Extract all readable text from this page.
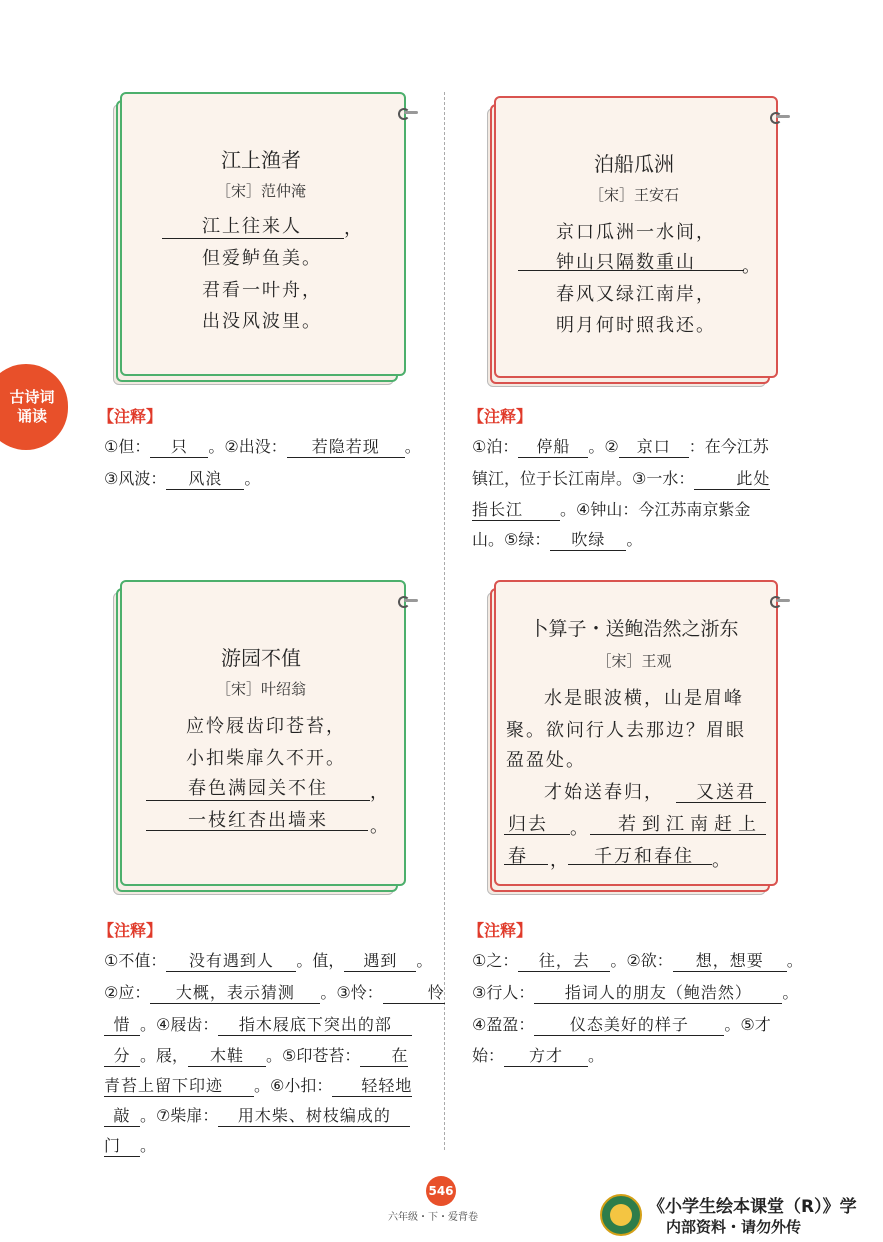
古诗词
诵读
江上渔者
［宋］范仲淹
江上往来人 ，
但爱鲈鱼美。
君看一叶舟，
出没风波里。
泊船瓜洲
［宋］王安石
京口瓜洲一水间，
钟山只隔数重山	。
春风又绿江南岸，
明月何时照我还。
游园不值
［宋］叶绍翁
应怜屐齿印苍苔，
小扣柴扉久不开。
春色满园关不住 ，
一枝红杏出墙来 。
卜算子・送鲍浩然之浙东
［宋］王观
水是眼波横，山是眉峰
聚。欲问行人去那边？眉眼
盈盈处。
才始送春归， 又送君
归去 。 若到江南赶上
春 ， 千万和春住 。
【注释】
①但： 只 。②出没： 若隐若现 。
③风波： 风浪 。
【注释】
①泊： 停船 。② 京口 ：在今江苏
镇江，位于长江南岸。③一水：	此处
指长江 。④钟山：今江苏南京紫金
山。⑤绿： 吹绿 。
【注释】
①不值： 没有遇到人 。值， 遇到 。
②应： 大概，表示猜测 。③怜：	怜
惜 。④屐齿： 指木屐底下突出的部
分 。屐， 木鞋 。⑤印苍苔： 在
青苔上留下印迹 。⑥小扣： 轻轻地
敲 。⑦柴扉： 用木柴、树枝编成的
门 。
【注释】
①之： 往，去 。②欲： 想，想要 。
③行人： 指词人的朋友（鲍浩然） 。
④盈盈： 仪态美好的样子 。⑤才
始： 方才 。
546
六年级・下・爱背卷
《小学生绘本课堂（R）》学
内部资料・请勿外传
